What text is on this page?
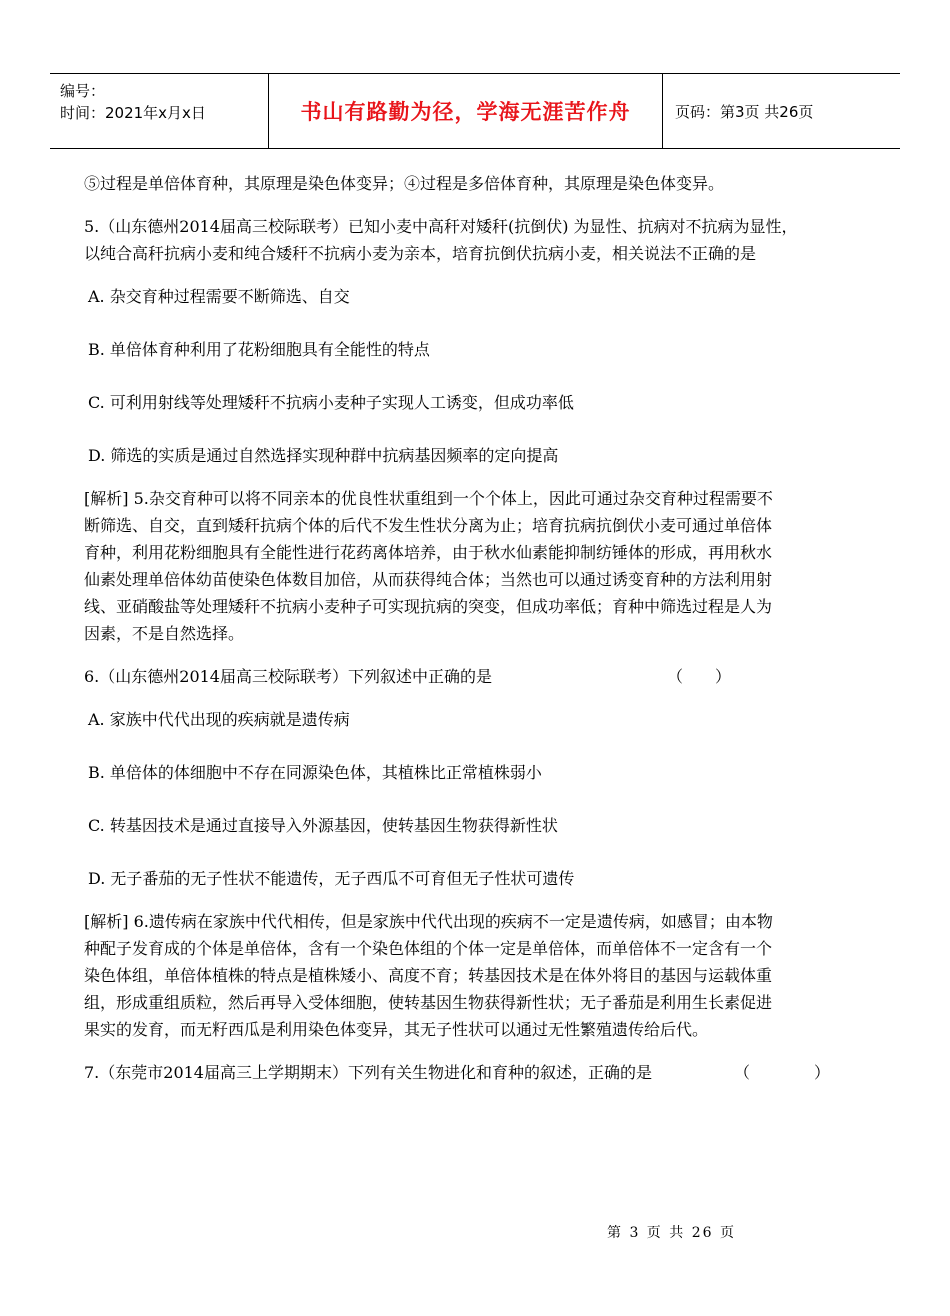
编号：
时间：2021年x月x日	书山有路勤为径，学海无涯苦作舟	页码：第3页 共26页

⑤过程是单倍体育种，其原理是染色体变异；④过程是多倍体育种，其原理是染色体变异。

5.（山东德州2014届高三校际联考）已知小麦中高秆对矮秆(抗倒伏) 为显性、抗病对不抗病为显性，

以纯合高秆抗病小麦和纯合矮秆不抗病小麦为亲本，培育抗倒伏抗病小麦，相关说法不正确的是

A. 杂交育种过程需要不断筛选、自交

B. 单倍体育种利用了花粉细胞具有全能性的特点

C. 可利用射线等处理矮秆不抗病小麦种子实现人工诱变，但成功率低

D. 筛选的实质是通过自然选择实现种群中抗病基因频率的定向提高

[解析] 5.杂交育种可以将不同亲本的优良性状重组到一个个体上，因此可通过杂交育种过程需要不

断筛选、自交，直到矮秆抗病个体的后代不发生性状分离为止；培育抗病抗倒伏小麦可通过单倍体

育种，利用花粉细胞具有全能性进行花药离体培养，由于秋水仙素能抑制纺锤体的形成，再用秋水

仙素处理单倍体幼苗使染色体数目加倍，从而获得纯合体；当然也可以通过诱变育种的方法利用射

线、亚硝酸盐等处理矮秆不抗病小麦种子可实现抗病的突变，但成功率低；育种中筛选过程是人为

因素，不是自然选择。

6.（山东德州2014届高三校际联考）下列叙述中正确的是	（　　）

A. 家族中代代出现的疾病就是遗传病

B. 单倍体的体细胞中不存在同源染色体，其植株比正常植株弱小

C. 转基因技术是通过直接导入外源基因，使转基因生物获得新性状

D. 无子番茄的无子性状不能遗传，无子西瓜不可育但无子性状可遗传

[解析] 6.遗传病在家族中代代相传，但是家族中代代出现的疾病不一定是遗传病，如感冒；由本物

种配子发育成的个体是单倍体，含有一个染色体组的个体一定是单倍体，而单倍体不一定含有一个

染色体组，单倍体植株的特点是植株矮小、高度不育；转基因技术是在体外将目的基因与运载体重

组，形成重组质粒，然后再导入受体细胞，使转基因生物获得新性状；无子番茄是利用生长素促进

果实的发育，而无籽西瓜是利用染色体变异，其无子性状可以通过无性繁殖遗传给后代。

7.（东莞市2014届高三上学期期末）下列有关生物进化和育种的叙述，正确的是	（　　　　）
第 3 页 共 26 页
